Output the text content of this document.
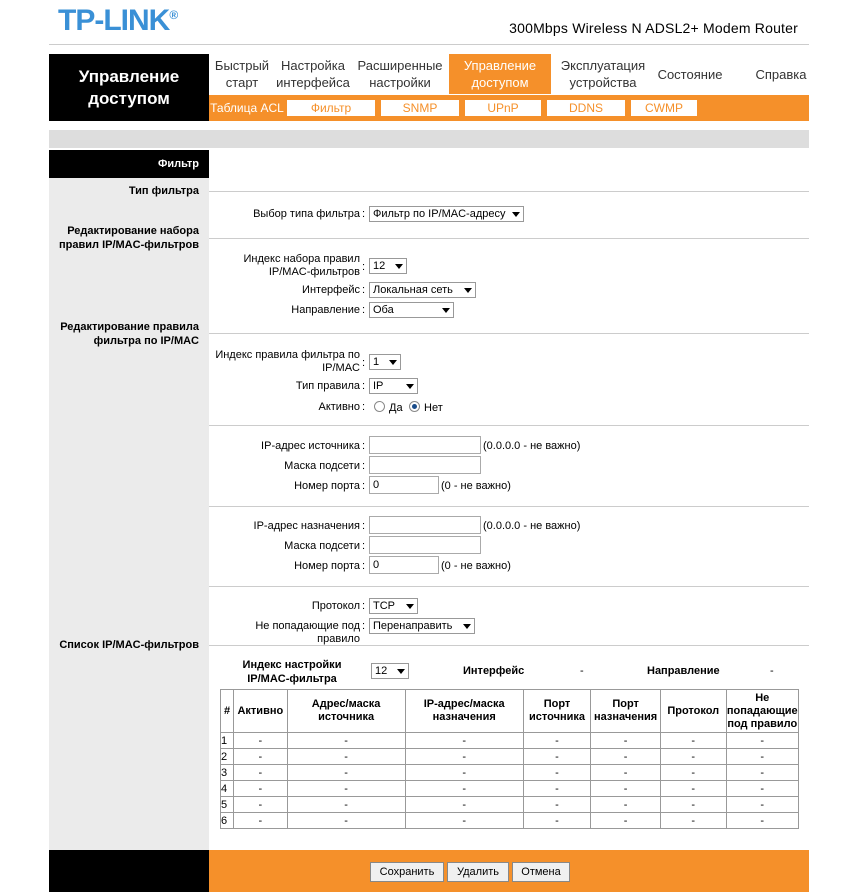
TP-LINK®
300Mbps Wireless N ADSL2+ Modem Router
Управление доступом
Быстрый старт
Настройка интерфейса
Расширенные настройки
Управление доступом
Эксплуатация устройства
Состояние	Справка
Таблица ACL	Фильтр	SNMP	UPnP	DDNS	CWMP
Фильтр
Тип фильтра
Редактирование набора правил IP/MAC-фильтров
Редактирование правила фильтра по IP/MAC
Список IP/MAC-фильтров
Выбор типа фильтра : Фильтр по IP/MAC-адресу
Индекс набора правил IP/MAC-фильтров : 12
Интерфейс : Локальная сеть
Направление : Оба
Индекс правила фильтра по IP/MAC : 1
Тип правила : IP
Активно : Да Нет
IP-адрес источника :	(0.0.0.0 - не важно)
Маска подсети :
Номер порта : 0	(0 - не важно)
IP-адрес назначения :	(0.0.0.0 - не важно)
Маска подсети :
Номер порта : 0	(0 - не важно)
Протокол : TCP
Не попадающие под правило
: Перенаправить
Индекс настройки IP/MAC-фильтра
12	Интерфейс	-	Направление	-
#	Активно	Адрес/маска источника	IP-адрес/маска назначения	Порт источника	Порт назначения	Протокол	Не попадающие под правило
1	-	-	-	-	-	-	-
2	-	-	-	-	-	-	-
3	-	-	-	-	-	-	-
4	-	-	-	-	-	-	-
5	-	-	-	-	-	-	-
6	-	-	-	-	-	-	-
Сохранить	Удалить	Отмена
